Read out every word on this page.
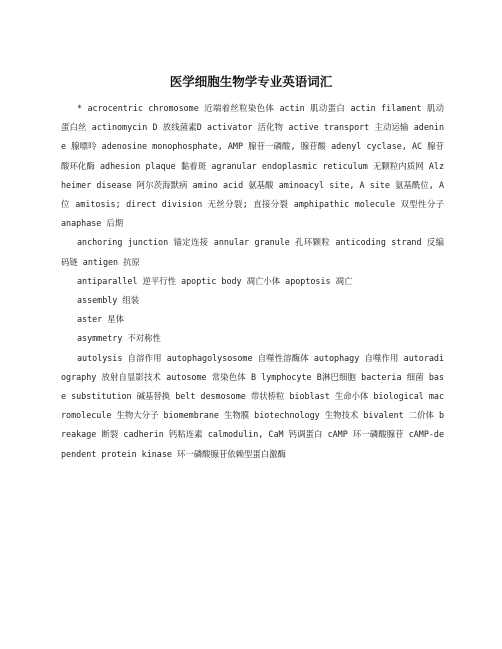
医学细胞生物学专业英语词汇

* acrocentric chromosome 近端着丝粒染色体 actin 肌动蛋白 actin filament 肌动蛋白丝 actinomycin D 放线菌素D activator 活化物 active transport 主动运输 adenine 腺嘌呤 adenosine monophosphate, AMP 腺苷一磷酸, 腺苷酸 adenyl cyclase, AC 腺苷酸环化酶 adhesion plaque 黏着斑 agranular endoplasmic reticulum 无颗粒内质网 Alzheimer disease 阿尔茨海默病 amino acid 氨基酸 aminoacyl site, A site 氨基酰位, A位 amitosis; direct division 无丝分裂; 直接分裂 amphipathic molecule 双型性分子 anaphase 后期

anchoring junction 锚定连接 annular granule 孔环颗粒 anticoding strand 反编码链 antigen 抗原

antiparallel 逆平行性 apoptic body 凋亡小体 apoptosis 凋亡

assembly 组装

aster 星体

asymmetry 不对称性

autolysis 自溶作用 autophagolysosome 自噬性溶酶体 autophagy 自噬作用 autoradiography 放射自显影技术 autosome 常染色体 B lymphocyte B淋巴细胞 bacteria 细菌 base substitution 碱基替换 belt desmosome 带状桥粒 bioblast 生命小体 biological macromolecule 生物大分子 biomembrane 生物膜 biotechnology 生物技术 bivalent 二价体 breakage 断裂 cadherin 钙粘连素 calmodulin, CaM 钙调蛋白 cAMP 环一磷酸腺苷 cAMP-dependent protein kinase 环一磷酸腺苷依赖型蛋白激酶
